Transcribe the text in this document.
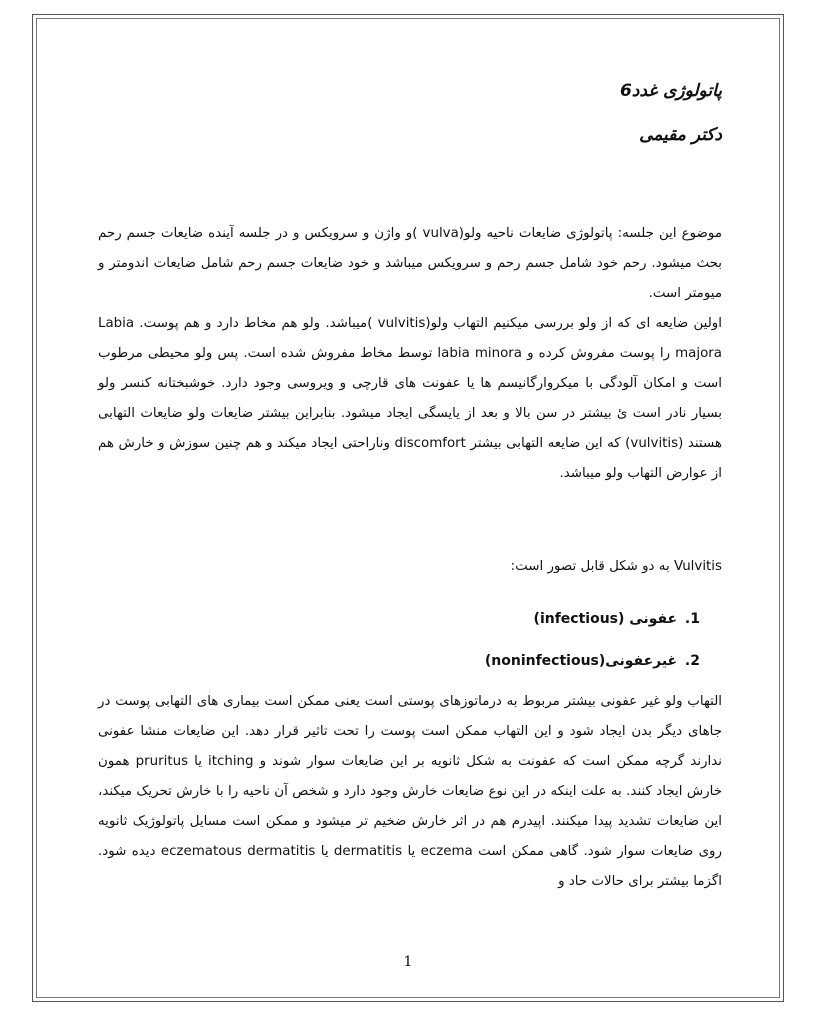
پاتولوژی غدد6
دکتر مقیمی
موضوع این جلسه: پاتولوژی ضایعات ناحیه ولو(vulva )و واژن و سرویکس و در جلسه آینده ضایعات جسم رحم بحث میشود. رحم خود شامل جسم رحم و سرویکس میباشد و خود ضایعات جسم رحم شامل ضایعات اندومتر و میومتر است.
اولین ضایعه ای که از ولو بررسی میکنیم التهاب ولو(vulvitis )میباشد. ولو هم مخاط دارد و هم پوست. Labia majora را پوست مفروش کرده و labia minora توسط مخاط مفروش شده است. پس ولو محیطی مرطوب است و امکان آلودگی با میکروارگانیسم ها یا عفونت های قارچی و ویروسی وجود دارد. خوشبختانه کنسر ولو بسیار نادر است ئ بیشتر در سن بالا و بعد از یایسگی ایجاد میشود. بنابراین بیشتر ضایعات ولو ضایعات التهابی هستند (vulvitis) که این ضایعه التهابی بیشتر discomfort وناراحتی ایجاد میکند و هم چنین سوزش و خارش هم از عوارض التهاب ولو میباشد.
Vulvitis به دو شکل قابل تصور است:
1. عفونی (infectious)
2. غیرعفونی(noninfectious)
التهاب ولو غیر عفونی بیشتر مربوط به درماتوزهای پوستی است یعنی ممکن است بیماری های التهابی پوست در جاهای دیگر بدن ایجاد شود و این التهاب ممکن است پوست را تحت تاثیر قرار دهد. این ضایعات منشا عفونی ندارند گرچه ممکن است که عفونت به شکل ثانویه بر این ضایعات سوار شوند و itching یا pruritus همون خارش ایجاد کنند. به علت اینکه در این نوع ضایعات خارش وجود دارد و شخص آن ناحیه را با خارش تحریک میکند، این ضایعات تشدید پیدا میکنند. اپیدرم هم در اثر خارش ضخیم تر میشود و ممکن است مسایل پاتولوژیک ثانویه روی ضایعات سوار شود. گاهی ممکن است eczema یا dermatitis یا eczematous dermatitis دیده شود. اگزما بیشتر برای حالات حاد و
1
